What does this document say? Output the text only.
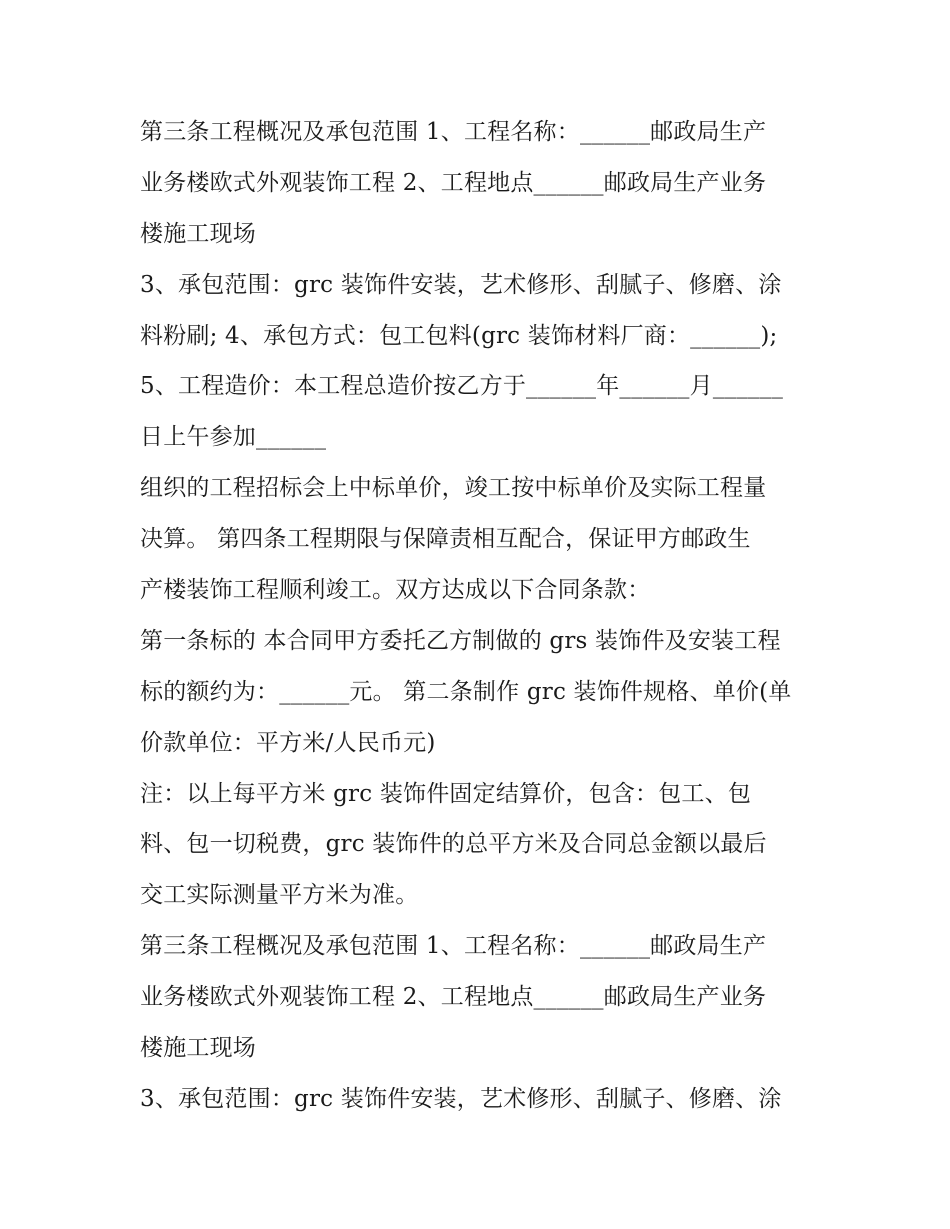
第三条工程概况及承包范围 1、工程名称：______邮政局生产

业务楼欧式外观装饰工程 2、工程地点______邮政局生产业务

楼施工现场

3、承包范围：grc 装饰件安装，艺术修形、刮腻子、修磨、涂

料粉刷; 4、承包方式：包工包料(grc 装饰材料厂商：______);

5、工程造价：本工程总造价按乙方于______年______月______

日上午参加______

组织的工程招标会上中标单价，竣工按中标单价及实际工程量

决算。 第四条工程期限与保障责相互配合，保证甲方邮政生

产楼装饰工程顺利竣工。双方达成以下合同条款：

第一条标的 本合同甲方委托乙方制做的 grs 装饰件及安装工程

标的额约为：______元。 第二条制作 grc 装饰件规格、单价(单

价款单位：平方米/人民币元)

注：以上每平方米 grc 装饰件固定结算价，包含：包工、包

料、包一切税费，grc 装饰件的总平方米及合同总金额以最后

交工实际测量平方米为准。

第三条工程概况及承包范围 1、工程名称：______邮政局生产

业务楼欧式外观装饰工程 2、工程地点______邮政局生产业务

楼施工现场

3、承包范围：grc 装饰件安装，艺术修形、刮腻子、修磨、涂
